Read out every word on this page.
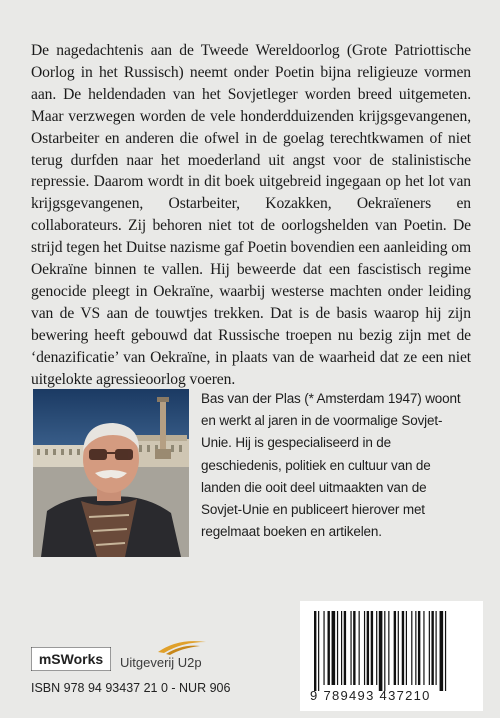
De nagedachtenis aan de Tweede Wereldoorlog (Grote Patriottische Oorlog in het Russisch) neemt onder Poetin bijna religieuze vormen aan. De heldendaden van het Sovjetleger worden breed uitgemeten. Maar verzwegen worden de vele honderdduizenden krijgsgevangenen, Ostarbeiter en anderen die ofwel in de goelag terechtkwamen of niet terug durfden naar het moederland uit angst voor de stalinistische repressie. Daarom wordt in dit boek uitgebreid ingegaan op het lot van krijgsgevangenen, Ostarbeiter, Kozakken, Oekraïeners en collaborateurs. Zij behoren niet tot de oorlogshelden van Poetin. De strijd tegen het Duitse nazisme gaf Poetin bovendien een aanleiding om Oekraïne binnen te vallen. Hij beweerde dat een fascistisch regime genocide pleegt in Oekraïne, waarbij westerse machten onder leiding van de VS aan de touwtjes trekken. Dat is de basis waarop hij zijn bewering heeft gebouwd dat Russische troepen nu bezig zijn met de ‘denazificatie’ van Oekraïne, in plaats van de waarheid dat ze een niet uitgelokte agressieoorlog voeren.

Bas van der Plas (* Amsterdam 1947) woont en werkt al jaren in de voormalige Sovjet-Unie. Hij is gespecialiseerd in de geschiedenis, politiek en cultuur van de landen die ooit deel uitmaakten van de Sovjet-Unie en publiceert hierover met regelmaat boeken en artikelen.

mSWorks Uitgeverij U2p
ISBN 978 94 93437 21 0 - NUR 906	9 789493 437210
